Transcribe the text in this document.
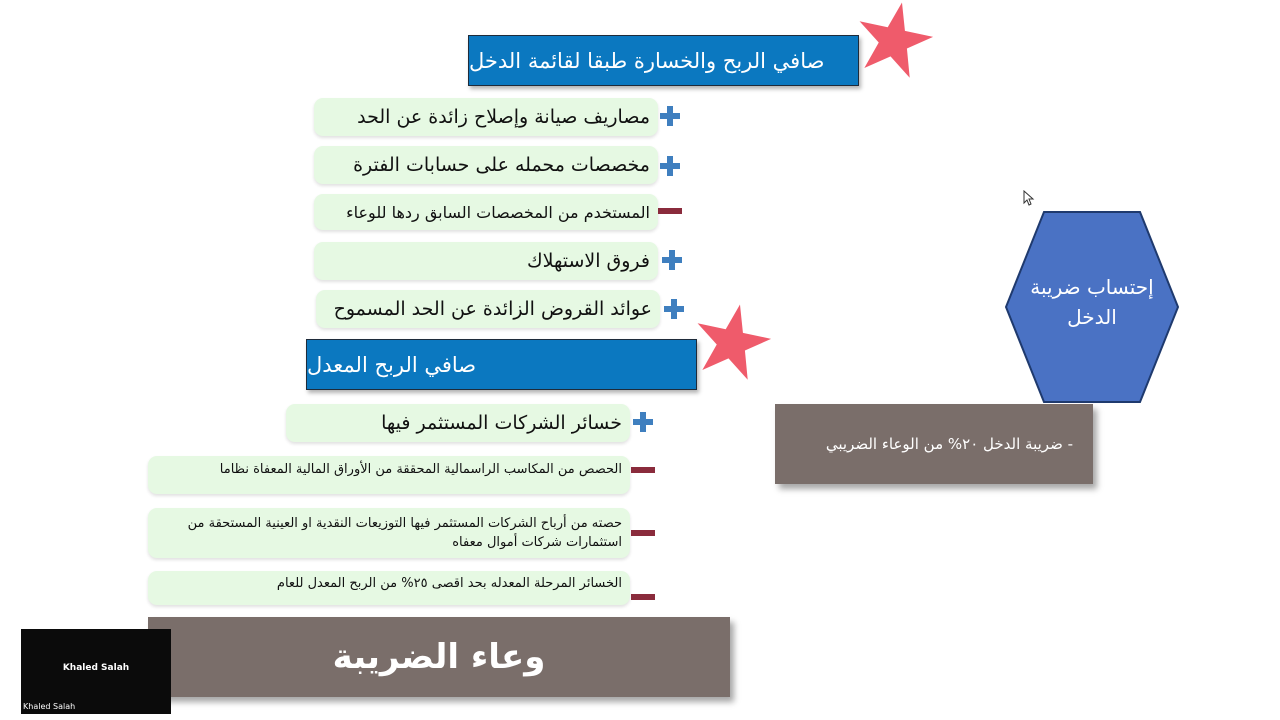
صافي الربح والخسارة طبقا لقائمة الدخل
مصاريف صيانة وإصلاح زائدة عن الحد
مخصصات محمله على حسابات الفترة
المستخدم من المخصصات السابق ردها للوعاء
فروق الاستهلاك
عوائد القروض الزائدة عن الحد المسموح
صافي الربح المعدل
خسائر الشركات المستثمر فيها
الحصص من المكاسب الراسمالية المحققة من الأوراق المالية المعفاة نظاما
حصته من أرباح الشركات المستثمر فيها التوزيعات النقدية او العينية المستحقة من استثمارات شركات أموال معفاه
الخسائر المرحلة المعدله بحد اقصى ٢٥% من الربح المعدل للعام
وعاء الضريبة
إحتساب ضريبة الدخل
- ضريبة الدخل ٢٠% من الوعاء الضريبي
Khaled Salah
Khaled Salah
